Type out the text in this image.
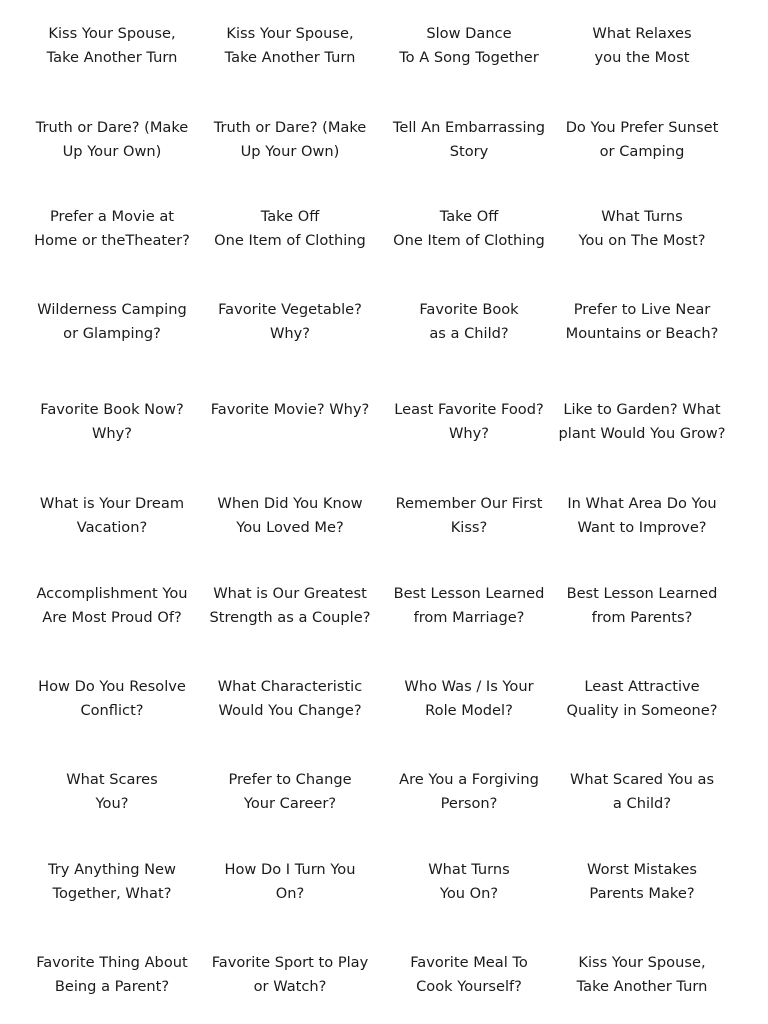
Kiss Your Spouse,
Take Another Turn
Kiss Your Spouse,
Take Another Turn
Slow Dance
To A Song Together
What Relaxes
you the Most
Truth or Dare? (Make
Up Your Own)
Truth or Dare? (Make
Up Your Own)
Tell An Embarrassing
Story
Do You Prefer Sunset
or Camping
Prefer a Movie at
Home or theTheater?
Take Off
One Item of Clothing
Take Off
One Item of Clothing
What Turns
You on The Most?
Wilderness Camping
or Glamping?
Favorite Vegetable?
Why?
Favorite Book
as a Child?
Prefer to Live Near
Mountains or Beach?
Favorite Book Now?
Why?
Favorite Movie? Why?	Least Favorite Food?
Why?
Like to Garden? What
plant Would You Grow?
What is Your Dream
Vacation?
When Did You Know
You Loved Me?
Remember Our First
Kiss?
In What Area Do You
Want to Improve?
Accomplishment You
Are Most Proud Of?
What is Our Greatest
Strength as a Couple?
Best Lesson Learned
from Marriage?
Best Lesson Learned
from Parents?
How Do You Resolve
Conflict?
What Characteristic
Would You Change?
Who Was / Is Your
Role Model?
Least Attractive
Quality in Someone?
What Scares
You?
Prefer to Change
Your Career?
Are You a Forgiving
Person?
What Scared You as
a Child?
Try Anything New
Together, What?
How Do I Turn You
On?
What Turns
You On?
Worst Mistakes
Parents Make?
Favorite Thing About
Being a Parent?
Favorite Sport to Play
or Watch?
Favorite Meal To
Cook Yourself?
Kiss Your Spouse,
Take Another Turn
